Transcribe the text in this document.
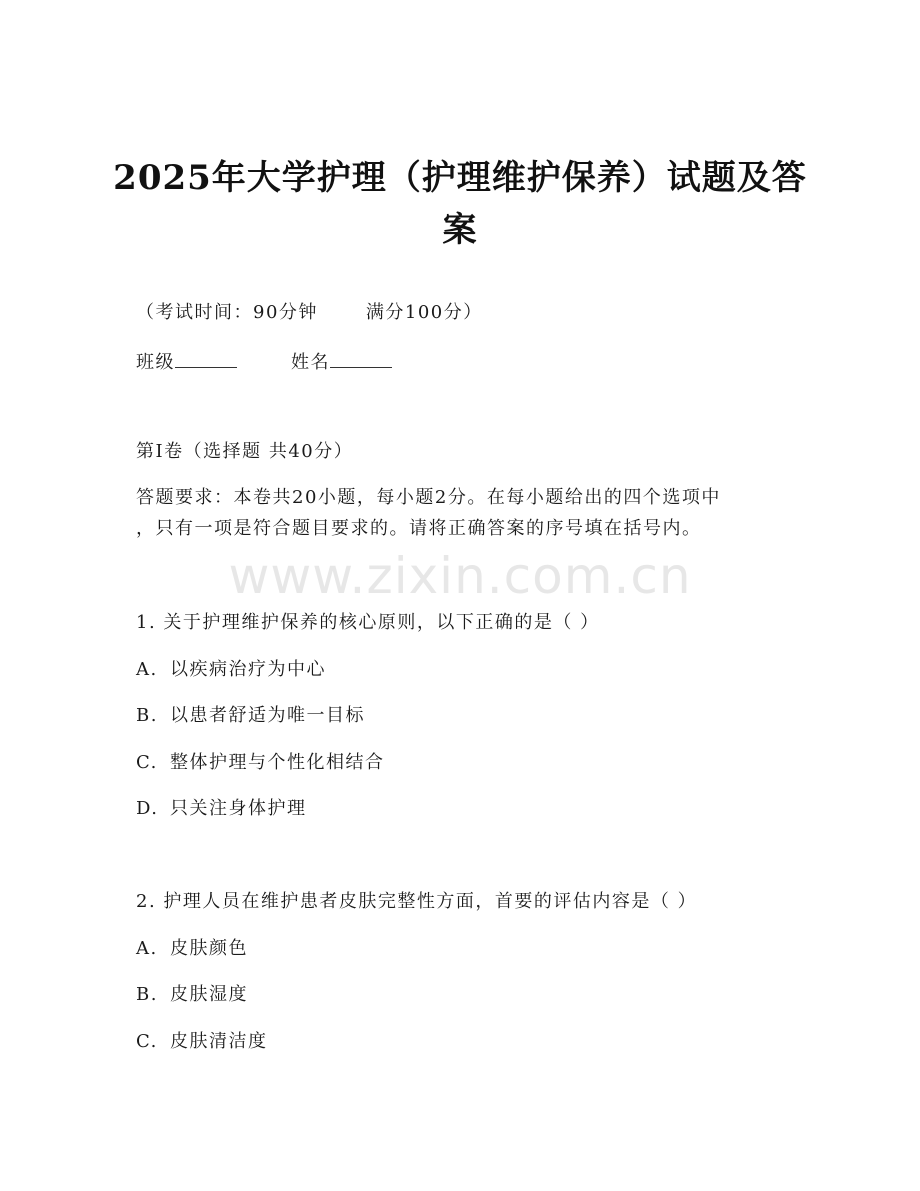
2025年大学护理（护理维护保养）试题及答
案
（考试时间：90分钟	满分100分）
班级	姓名
第Ⅰ卷（选择题 共40分）
答题要求：本卷共20小题，每小题2分。在每小题给出的四个选项中
，只有一项是符合题目要求的。请将正确答案的序号填在括号内。
www.zixin.com.cn
1. 关于护理维护保养的核心原则，以下正确的是（ ）
A. 以疾病治疗为中心
B. 以患者舒适为唯一目标
C. 整体护理与个性化相结合
D. 只关注身体护理
2. 护理人员在维护患者皮肤完整性方面，首要的评估内容是（ ）
A. 皮肤颜色
B. 皮肤湿度
C. 皮肤清洁度
